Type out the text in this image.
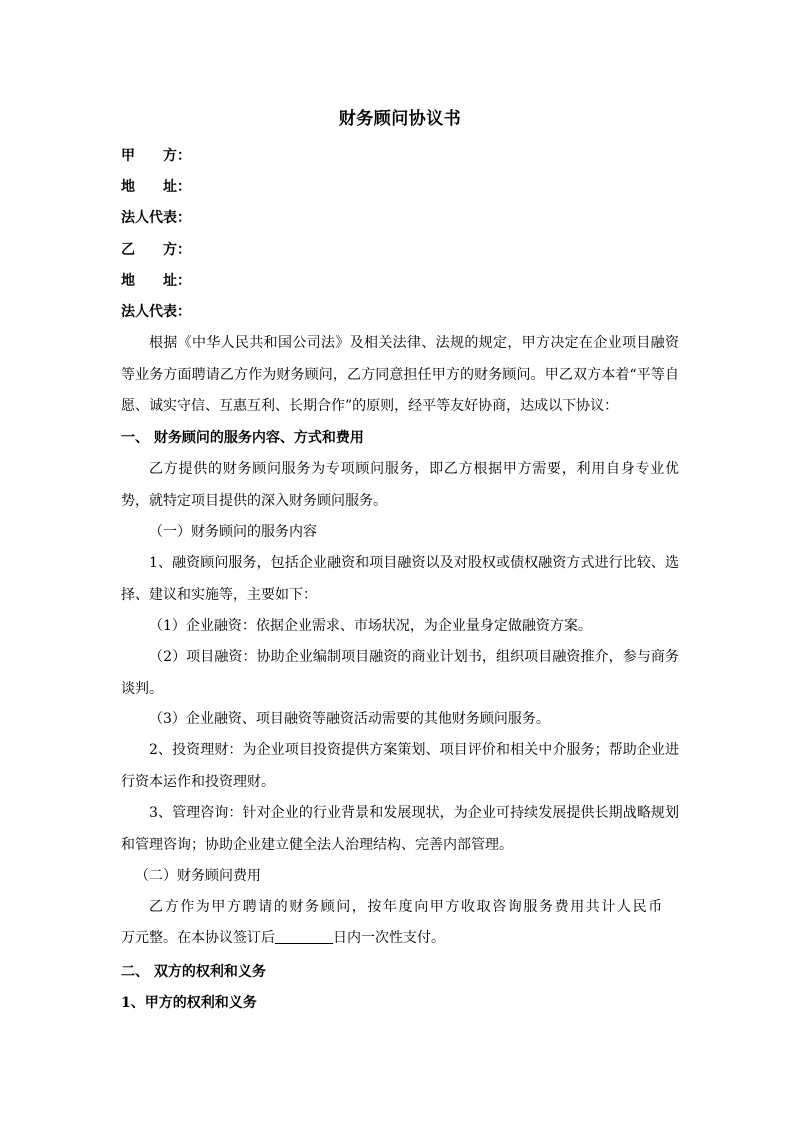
财务顾问协议书
甲 方：
地 址：
法人代表：
乙 方：
地 址：
法人代表：
根据《中华人民共和国公司法》及相关法律、法规的规定，甲方决定在企业项目融资等业务方面聘请乙方作为财务顾问，乙方同意担任甲方的财务顾问。甲乙双方本着“平等自愿、诚实守信、互惠互利、长期合作”的原则，经平等友好协商，达成以下协议：
一、 财务顾问的服务内容、方式和费用
乙方提供的财务顾问服务为专项顾问服务，即乙方根据甲方需要，利用自身专业优势，就特定项目提供的深入财务顾问服务。
（一）财务顾问的服务内容
1、融资顾问服务，包括企业融资和项目融资以及对股权或债权融资方式进行比较、选择、建议和实施等，主要如下：
（1）企业融资：依据企业需求、市场状况，为企业量身定做融资方案。
（2）项目融资：协助企业编制项目融资的商业计划书，组织项目融资推介，参与商务谈判。
（3）企业融资、项目融资等融资活动需要的其他财务顾问服务。
2、投资理财：为企业项目投资提供方案策划、项目评价和相关中介服务；帮助企业进行资本运作和投资理财。
3、管理咨询：针对企业的行业背景和发展现状，为企业可持续发展提供长期战略规划和管理咨询；协助企业建立健全法人治理结构、完善内部管理。
（二）财务顾问费用
乙方作为甲方聘请的财务顾问，按年度向甲方收取咨询服务费用共计人民币
万元整。在本协议签订后	日内一次性支付。
二、 双方的权利和义务
1、甲方的权利和义务
